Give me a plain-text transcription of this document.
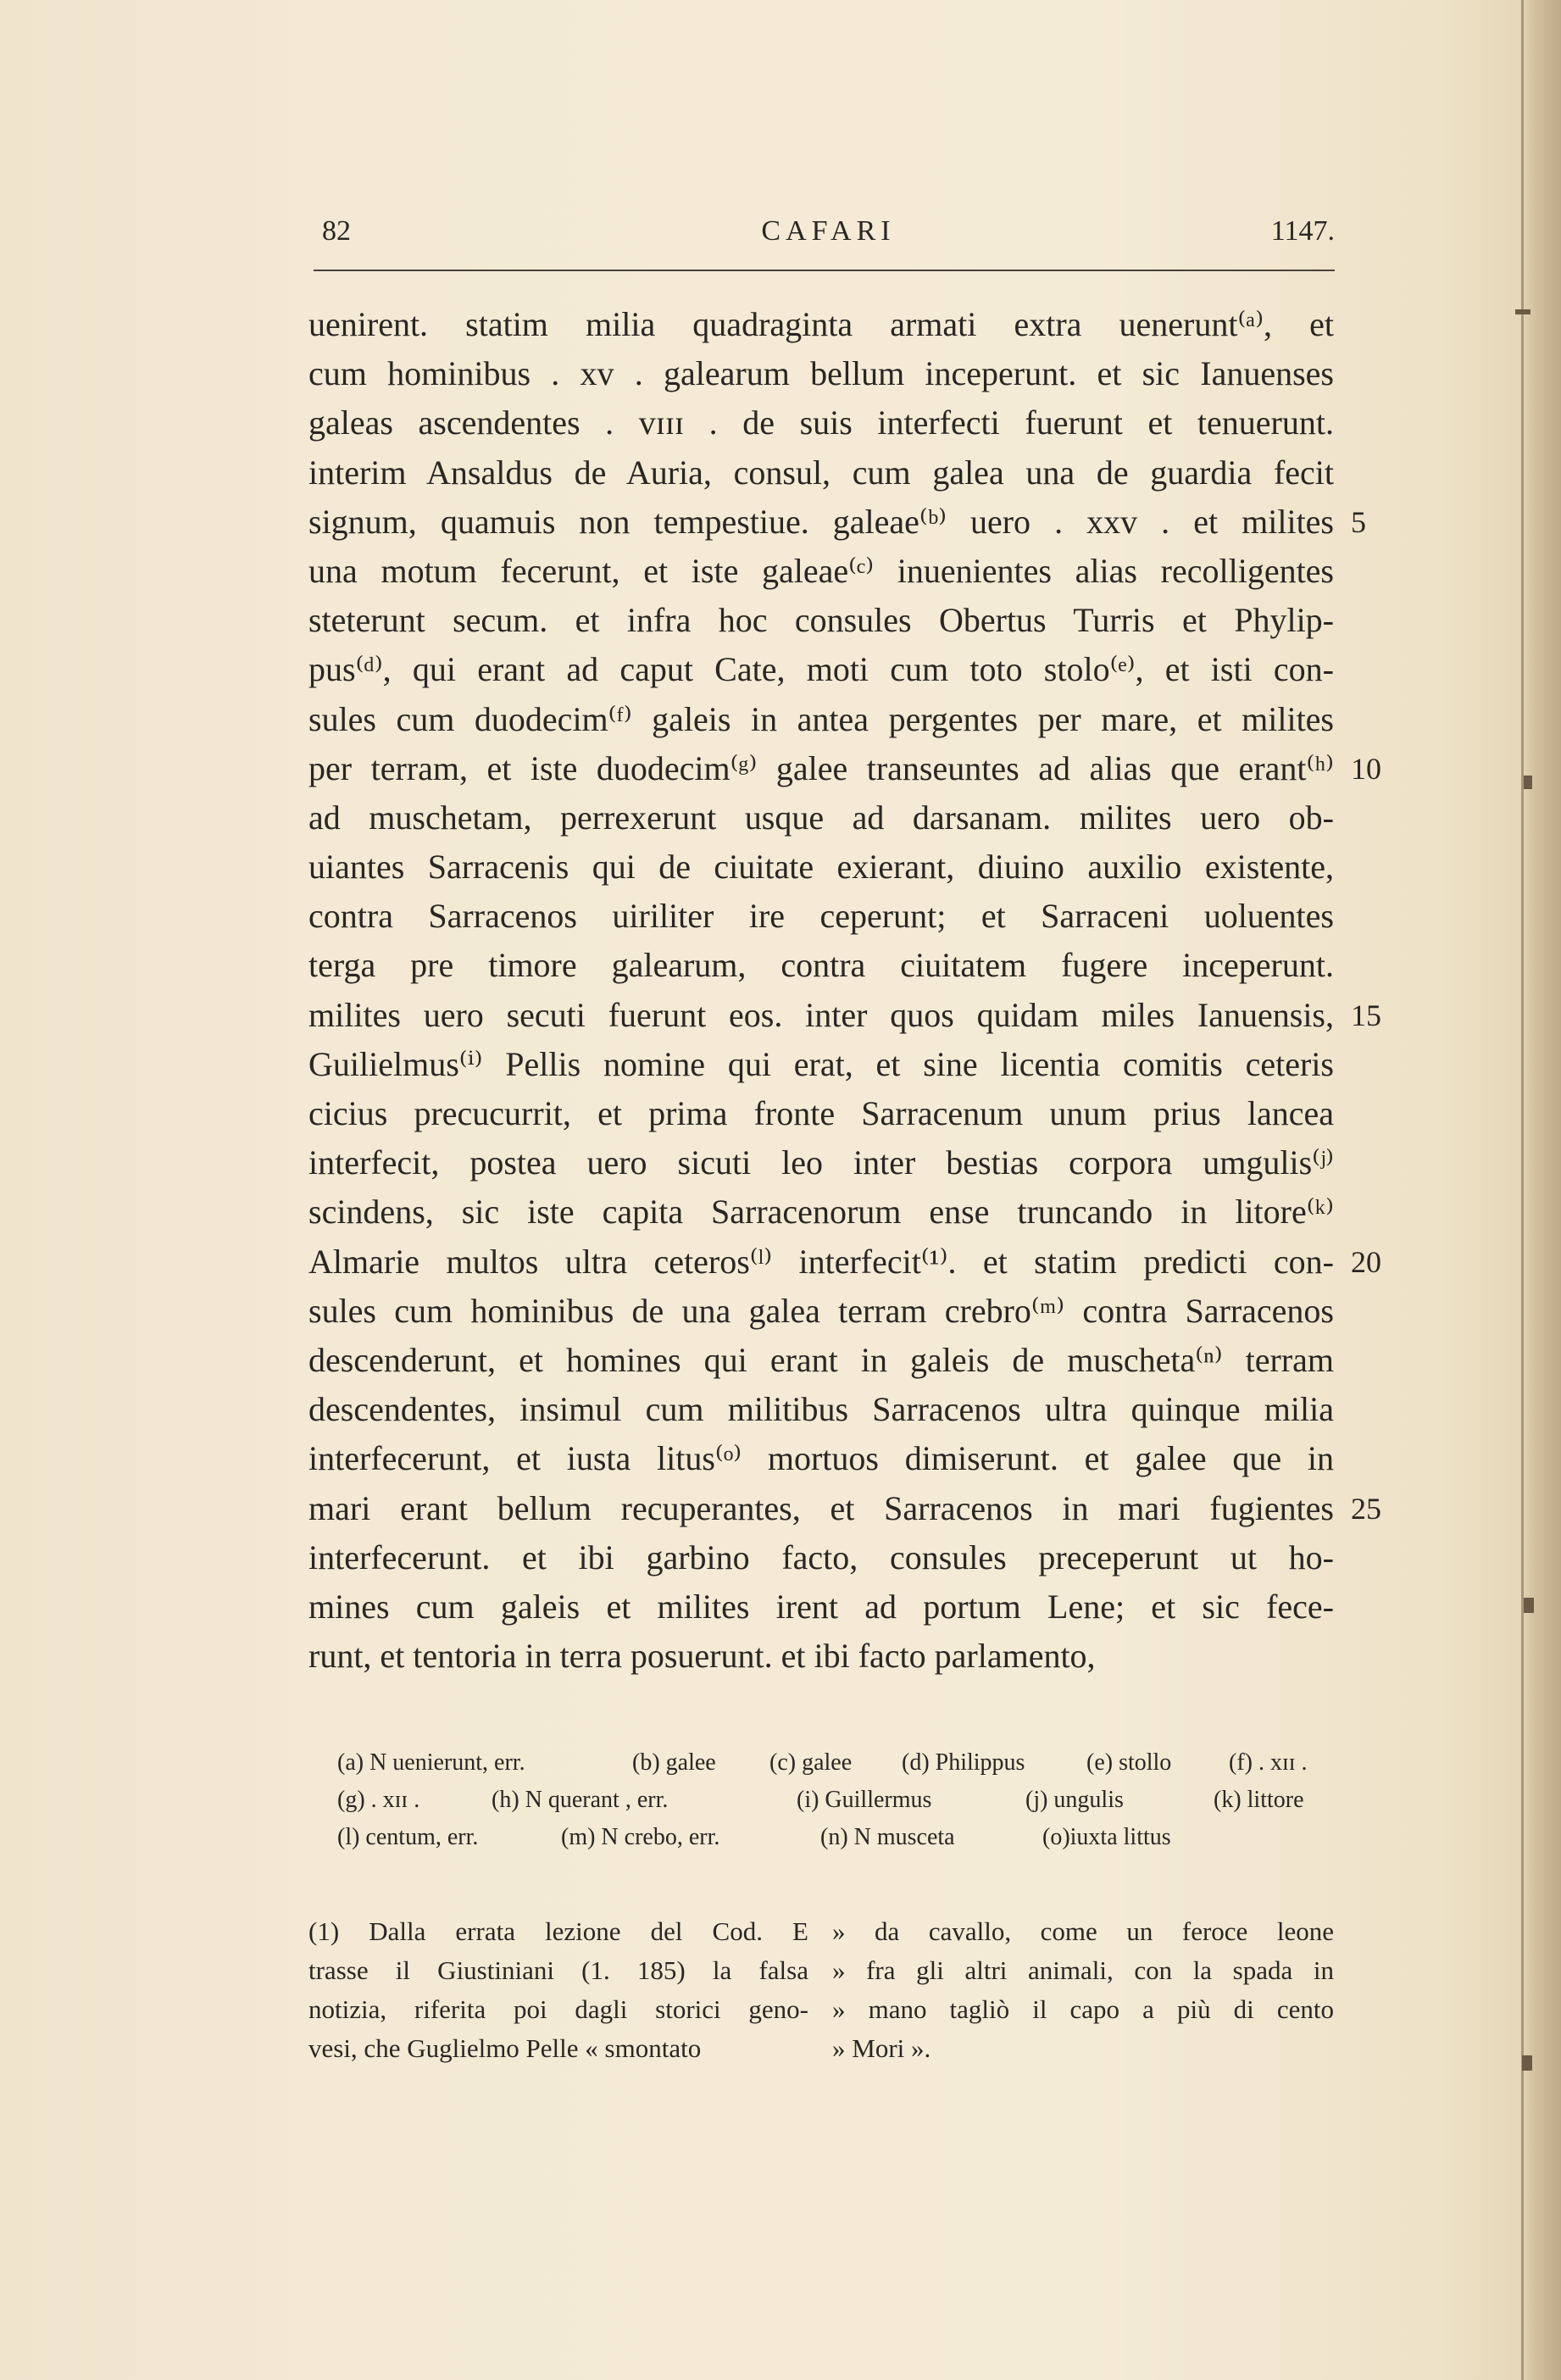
82	CAFARI	1147.
uenirent. statim milia quadraginta armati extra uenerunt⁽ᵃ⁾, et
cum hominibus . xv . galearum bellum inceperunt. et sic Ianuenses
galeas ascendentes . ᴠɪɪɪ . de suis interfecti fuerunt et tenuerunt.
interim Ansaldus de Auria, consul, cum galea una de guardia fecit
signum, quamuis non tempestiue. galeae⁽ᵇ⁾ uero . xxv . et milites
una motum fecerunt, et iste galeae⁽ᶜ⁾ inuenientes alias recolligentes
steterunt secum. et infra hoc consules Obertus Turris et Phylip-
pus⁽ᵈ⁾, qui erant ad caput Cate, moti cum toto stolo⁽ᵉ⁾, et isti con-
sules cum duodecim⁽ᶠ⁾ galeis in antea pergentes per mare, et milites
per terram, et iste duodecim⁽ᵍ⁾ galee transeuntes ad alias que erant⁽ʰ⁾
ad muschetam, perrexerunt usque ad darsanam. milites uero ob-
uiantes Sarracenis qui de ciuitate exierant, diuino auxilio existente,
contra Sarracenos uiriliter ire ceperunt; et Sarraceni uoluentes
terga pre timore galearum, contra ciuitatem fugere inceperunt.
milites uero secuti fuerunt eos. inter quos quidam miles Ianuensis,
Guilielmus⁽ⁱ⁾ Pellis nomine qui erat, et sine licentia comitis ceteris
cicius precucurrit, et prima fronte Sarracenum unum prius lancea
interfecit, postea uero sicuti leo inter bestias corpora umgulis⁽ʲ⁾
scindens, sic iste capita Sarracenorum ense truncando in litore⁽ᵏ⁾
Almarie multos ultra ceteros⁽ˡ⁾ interfecit⁽¹⁾. et statim predicti con-
sules cum hominibus de una galea terram crebro⁽ᵐ⁾ contra Sarracenos
descenderunt, et homines qui erant in galeis de muscheta⁽ⁿ⁾ terram
descendentes, insimul cum militibus Sarracenos ultra quinque milia
interfecerunt, et iusta litus⁽ᵒ⁾ mortuos dimiserunt. et galee que in
mari erant bellum recuperantes, et Sarracenos in mari fugientes
interfecerunt. et ibi garbino facto, consules preceperunt ut ho-
mines cum galeis et milites irent ad portum Lene; et sic fece-
runt, et tentoria in terra posuerunt. et ibi facto parlamento,
5
10
15
20
25
(a) N uenierunt, err.	(b) galee (c) galee (d) Philippus	(e) stollo (f) . xɪɪ .
(g) . xɪɪ .	(h) N querant , err.	(i) Guillermus	(j) ungulis	(k) littore
(l) centum, err.	(m) N crebo, err.	(n) N musceta	(o)iuxta littus
(1) Dalla errata lezione del Cod. E
trasse il Giustiniani (1. 185) la falsa
notizia, riferita poi dagli storici geno-
vesi, che Guglielmo Pelle « smontato
» da cavallo, come un feroce leone
» fra gli altri animali, con la spada in
» mano tagliò il capo a più di cento
» Mori ».
